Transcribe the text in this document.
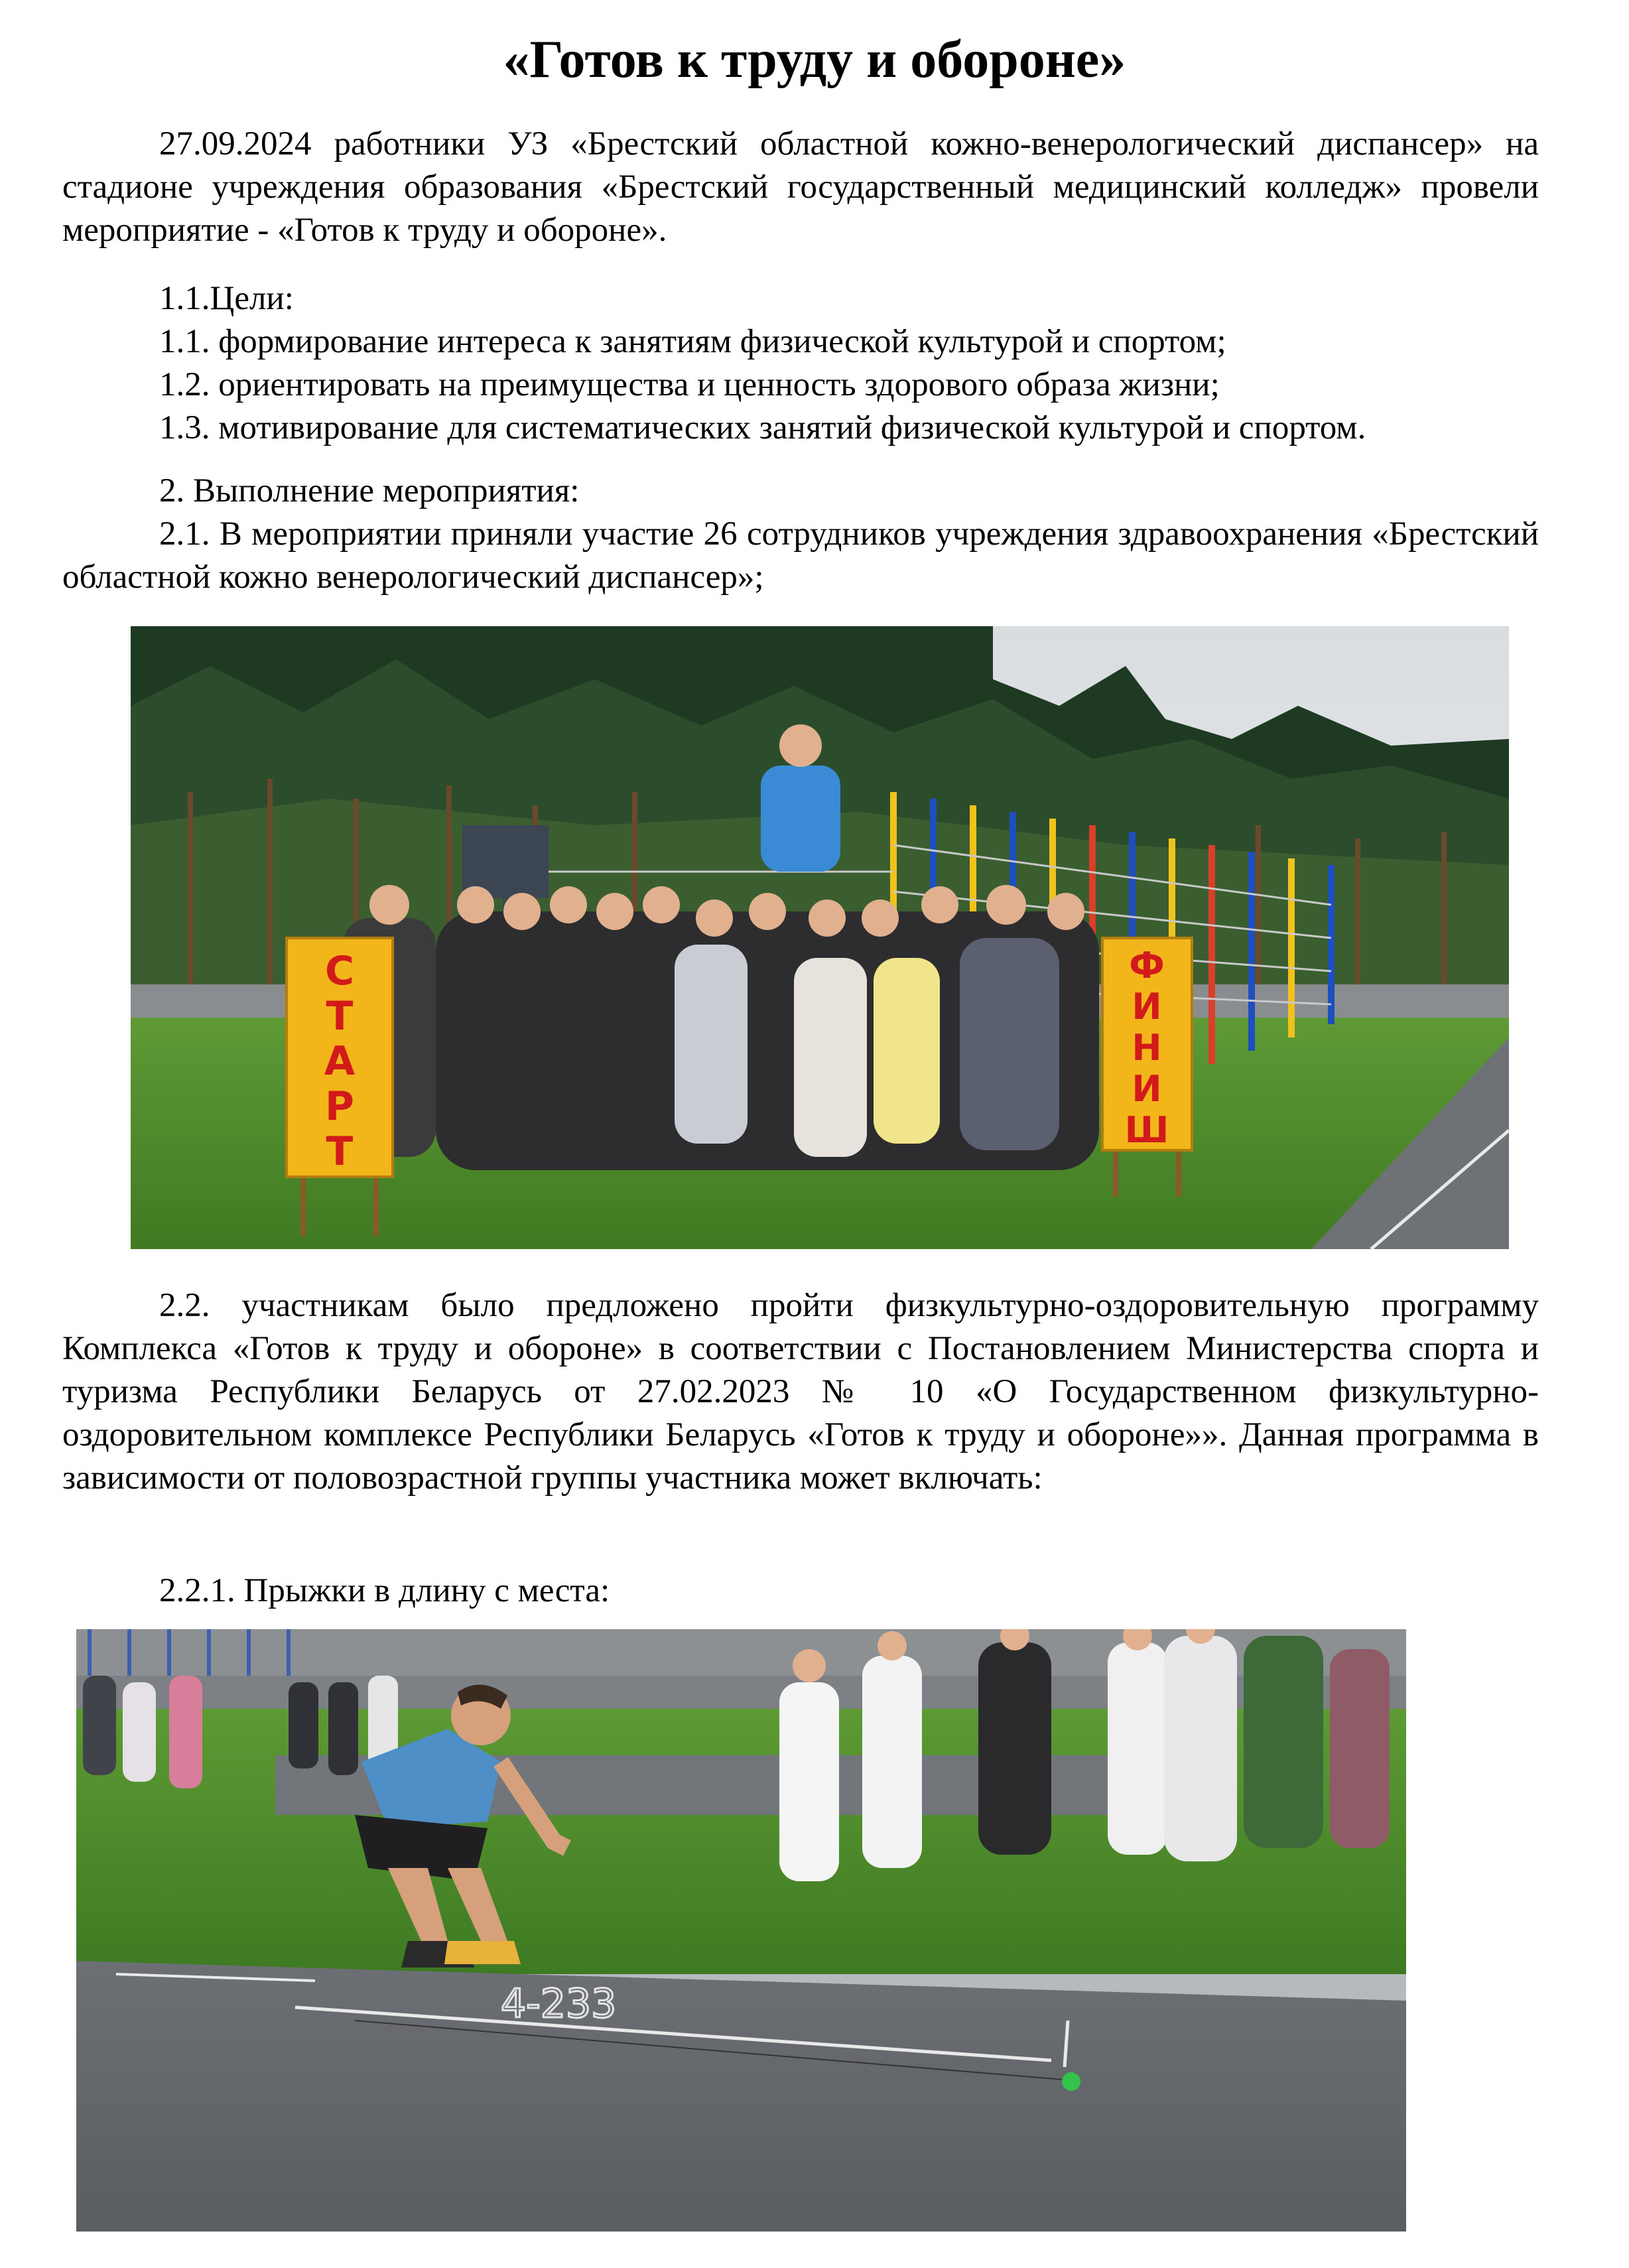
«Готов к труду и обороне»

27.09.2024 работники УЗ «Брестский областной кожно-венерологический диспансер» на стадионе учреждения образования «Брестский государственный медицинский колледж» провели мероприятие - «Готов к труду и обороне».

1.1.Цели:

1.1. формирование интереса к занятиям физической культурой и спортом;

1.2. ориентировать на преимущества и ценность здорового образа жизни;

1.3. мотивирование для систематических занятий физической культурой и спортом.

2. Выполнение мероприятия:

2.1. В мероприятии приняли участие 26 сотрудников учреждения здравоохранения «Брестский областной кожно венерологический диспансер»;

С
Т
А
Р
Т
Ф
И
Н
И
Ш

2.2. участникам было предложено пройти физкультурно-оздоровительную программу Комплекса «Готов к труду и обороне» в соответствии с Постановлением Министерства спорта и туризма Республики Беларусь от 27.02.2023 № 10 «О Государственном физкультурно-оздоровительном комплексе Республики Беларусь «Готов к труду и обороне»». Данная программа в зависимости от половозрастной группы участника может включать:

2.2.1. Прыжки в длину с места:

4-233
